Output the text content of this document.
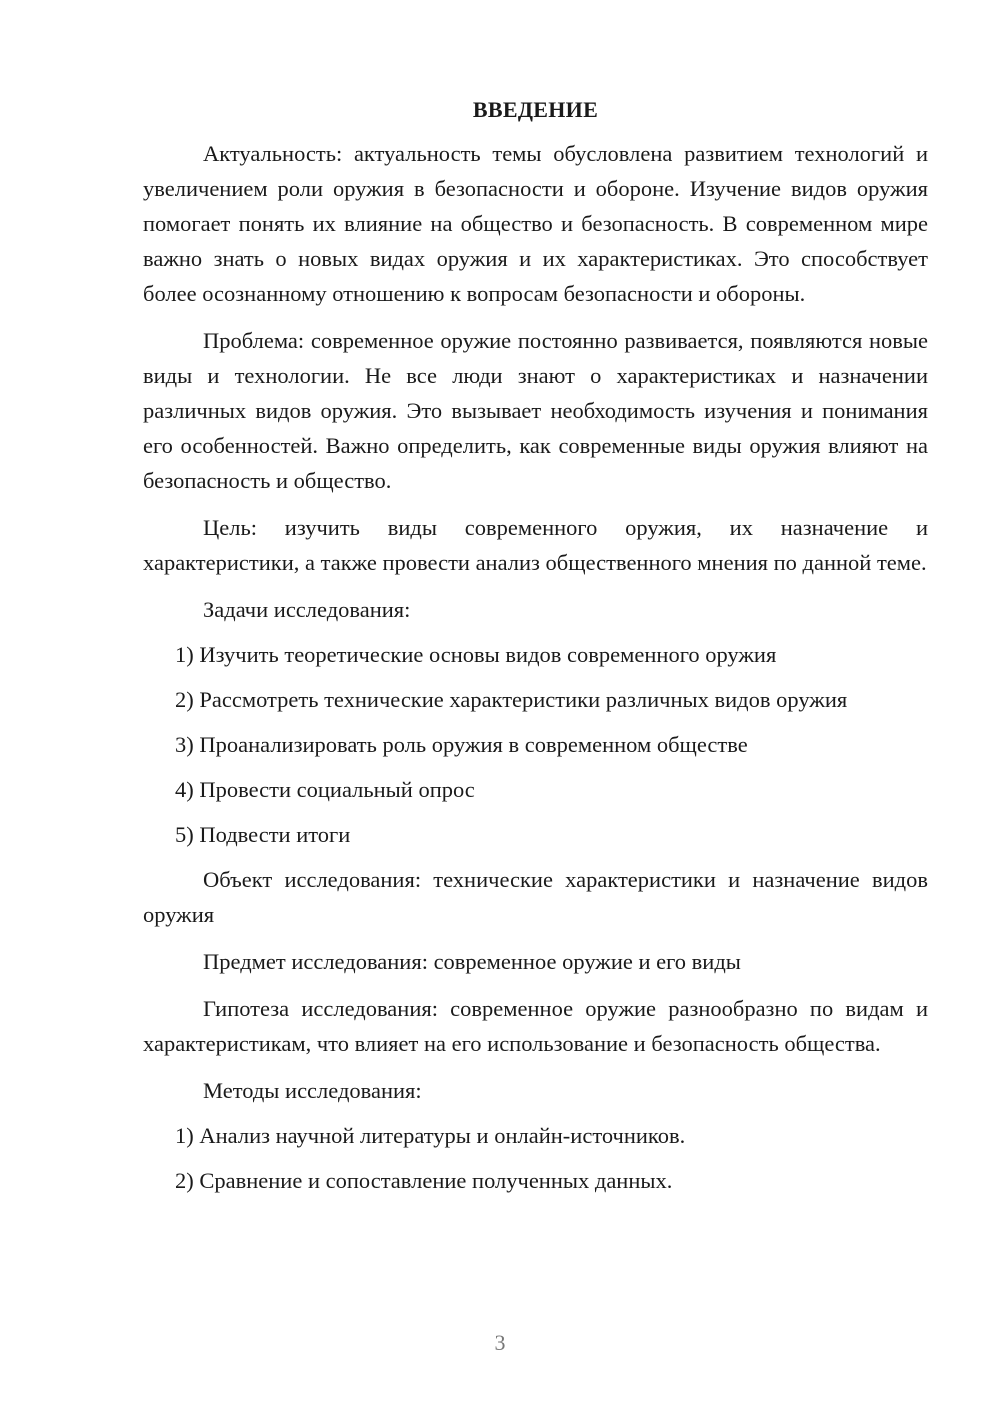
ВВЕДЕНИЕ

Актуальность: актуальность темы обусловлена развитием технологий и увеличением роли оружия в безопасности и обороне. Изучение видов оружия помогает понять их влияние на общество и безопасность. В современном мире важно знать о новых видах оружия и их характеристиках. Это способствует более осознанному отношению к вопросам безопасности и обороны.

Проблема: современное оружие постоянно развивается, появляются новые виды и технологии. Не все люди знают о характеристиках и назначении различных видов оружия. Это вызывает необходимость изучения и понимания его особенностей. Важно определить, как современные виды оружия влияют на безопасность и общество.

Цель: изучить виды современного оружия, их назначение и характеристики, а также провести анализ общественного мнения по данной теме.

Задачи исследования:

1) Изучить теоретические основы видов современного оружия
2) Рассмотреть технические характеристики различных видов оружия
3) Проанализировать роль оружия в современном обществе
4) Провести социальный опрос
5) Подвести итоги

Объект исследования: технические характеристики и назначение видов оружия

Предмет исследования: современное оружие и его виды

Гипотеза исследования: современное оружие разнообразно по видам и характеристикам, что влияет на его использование и безопасность общества.

Методы исследования:

1) Анализ научной литературы и онлайн-источников.
2) Сравнение и сопоставление полученных данных.
3
